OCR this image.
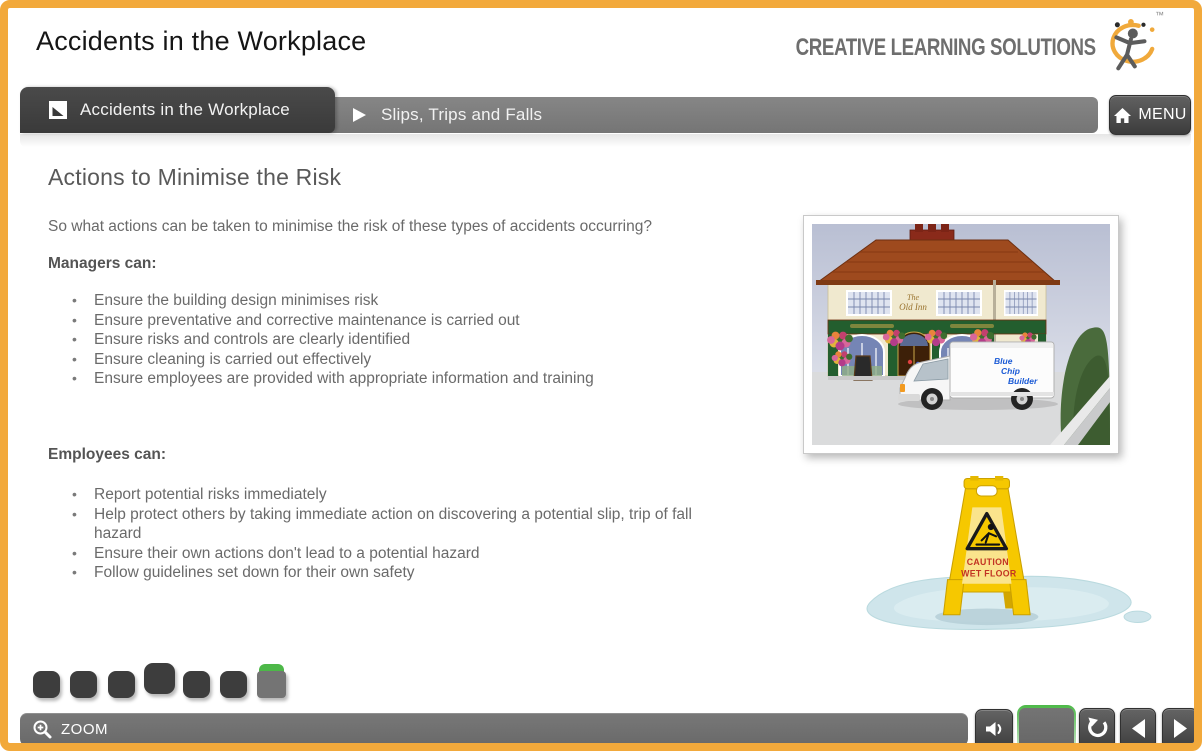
Accidents in the Workplace	CREATIVE LEARNING SOLUTIONS
™
Slips, Trips and Falls
Accidents in the Workplace	MENU
Actions to Minimise the Risk

So what actions can be taken to minimise the risk of these types of accidents occurring?

Managers can:

• Ensure the building design minimises risk
• Ensure preventative and corrective maintenance is carried out
• Ensure risks and controls are clearly identified
• Ensure cleaning is carried out effectively
• Ensure employees are provided with appropriate information and training

Employees can:

• Report potential risks immediately
• Help protect others by taking immediate action on discovering a potential slip, trip of fall hazard
• Ensure their own actions don't lead to a potential hazard
• Follow guidelines set down for their own safety
The
Old Inn
Blue
Chip
Builder
CAUTION
WET FLOOR
ZOOM
